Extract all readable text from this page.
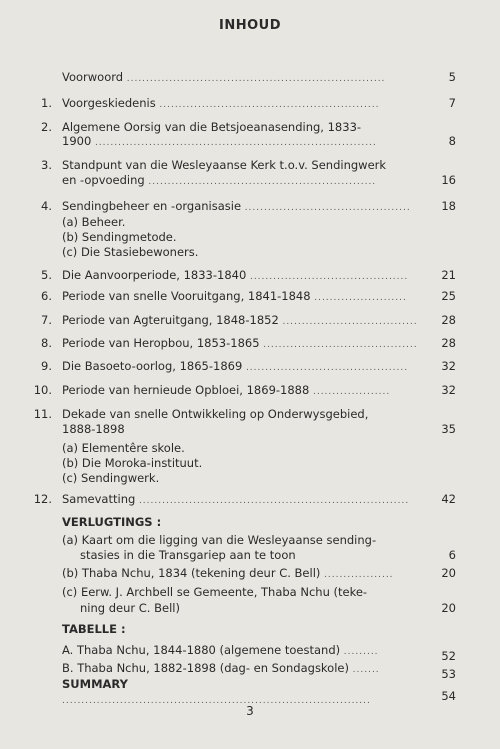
INHOUD
Voorwoord ...................................................................	5
1. Voorgeskiedenis .........................................................	7
2. Algemene Oorsig van die Betsjoeanasending, 1833-
1900 .........................................................................	8
3. Standpunt van die Wesleyaanse Kerk t.o.v. Sendingwerk
en -opvoeding ...........................................................	16
4. Sendingbeheer en -organisasie ...........................................	18
(a) Beheer.
(b) Sendingmetode.
(c) Die Stasiebewoners.
5. Die Aanvoorperiode, 1833-1840 .........................................	21
6. Periode van snelle Vooruitgang, 1841-1848 ........................	25
7. Periode van Agteruitgang, 1848-1852 ...................................	28
8. Periode van Heropbou, 1853-1865 ........................................	28
9. Die Basoeto-oorlog, 1865-1869 ..........................................	32
10. Periode van hernieude Opbloei, 1869-1888 ....................	32
11. Dekade van snelle Ontwikkeling op Onderwysgebied,
1888-1898	35
(a) Elementêre skole.
(b) Die Moroka-instituut.
(c) Sendingwerk.
12. Samevatting ......................................................................	42
VERLUGTINGS :
(a) Kaart om die ligging van die Wesleyaanse sending-
stasies in die Transgariep aan te toon	6
(b) Thaba Nchu, 1834 (tekening deur C. Bell) ..................	20
(c) Eerw. J. Archbell se Gemeente, Thaba Nchu (teke-
ning deur C. Bell)	20
TABELLE :
A. Thaba Nchu, 1844-1880 (algemene toestand) .........	52
B. Thaba Nchu, 1882-1898 (dag- en Sondagskole) .......	53
SUMMARY ................................................................................	54
3
